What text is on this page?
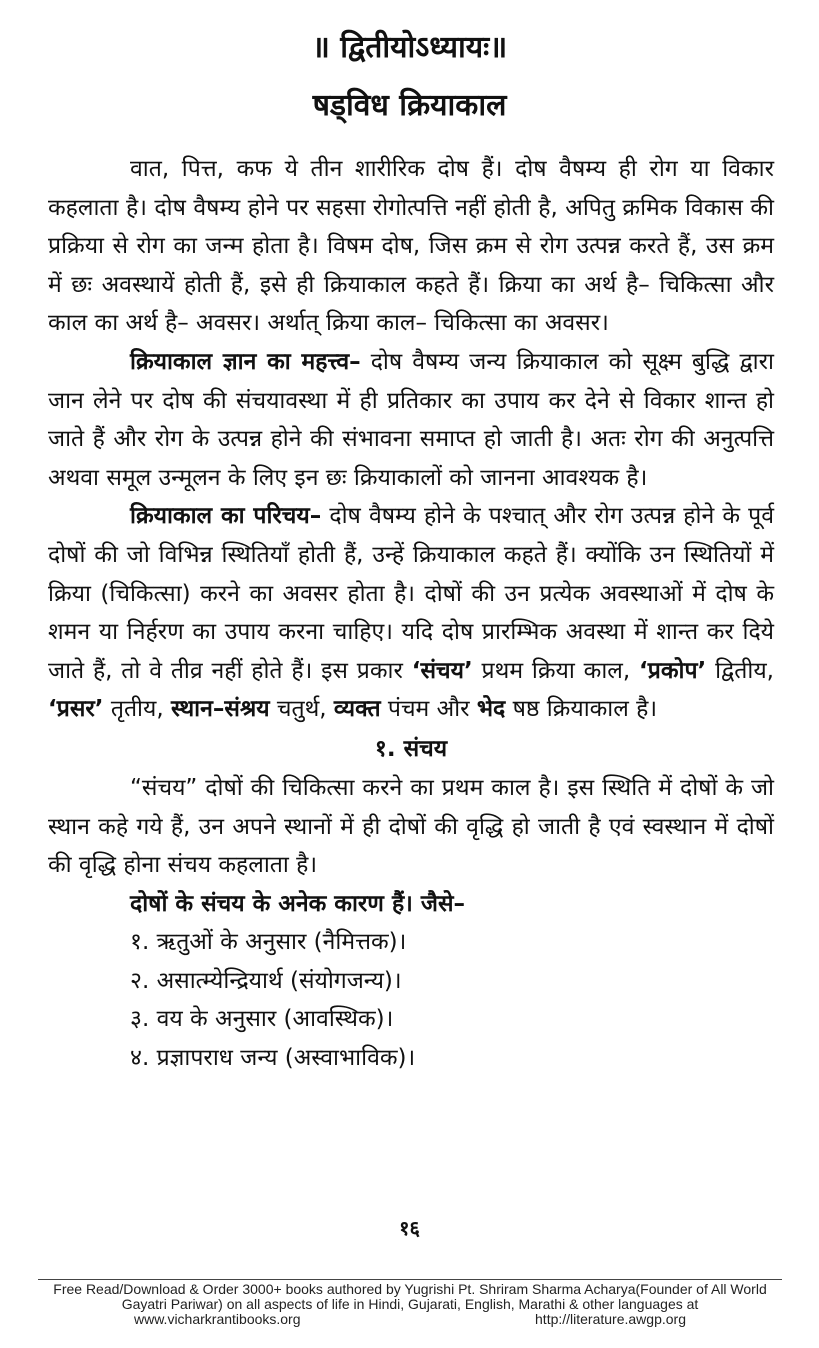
॥ द्वितीयोऽध्यायः॥
षड्विध क्रियाकाल

वात, पित्त, कफ ये तीन शारीरिक दोष हैं। दोष वैषम्य ही रोग या विकार कहलाता है। दोष वैषम्य होने पर सहसा रोगोत्पत्ति नहीं होती है, अपितु क्रमिक विकास की प्रक्रिया से रोग का जन्म होता है। विषम दोष, जिस क्रम से रोग उत्पन्न करते हैं, उस क्रम में छः अवस्थायें होती हैं, इसे ही क्रियाकाल कहते हैं। क्रिया का अर्थ है– चिकित्सा और काल का अर्थ है– अवसर। अर्थात् क्रिया काल– चिकित्सा का अवसर।

क्रियाकाल ज्ञान का महत्त्व– दोष वैषम्य जन्य क्रियाकाल को सूक्ष्म बुद्धि द्वारा जान लेने पर दोष की संचयावस्था में ही प्रतिकार का उपाय कर देने से विकार शान्त हो जाते हैं और रोग के उत्पन्न होने की संभावना समाप्त हो जाती है। अतः रोग की अनुत्पत्ति अथवा समूल उन्मूलन के लिए इन छः क्रियाकालों को जानना आवश्यक है।

क्रियाकाल का परिचय– दोष वैषम्य होने के पश्चात् और रोग उत्पन्न होने के पूर्व दोषों की जो विभिन्न स्थितियाँ होती हैं, उन्हें क्रियाकाल कहते हैं। क्योंकि उन स्थितियों में क्रिया (चिकित्सा) करने का अवसर होता है। दोषों की उन प्रत्येक अवस्थाओं में दोष के शमन या निर्हरण का उपाय करना चाहिए। यदि दोष प्रारम्भिक अवस्था में शान्त कर दिये जाते हैं, तो वे तीव्र नहीं होते हैं। इस प्रकार ‘संचय’ प्रथम क्रिया काल, ‘प्रकोप’ द्वितीय, ‘प्रसर’ तृतीय, स्थान–संश्रय चतुर्थ, व्यक्त पंचम और भेद षष्ठ क्रियाकाल है।

१. संचय

“संचय” दोषों की चिकित्सा करने का प्रथम काल है। इस स्थिति में दोषों के जो स्थान कहे गये हैं, उन अपने स्थानों में ही दोषों की वृद्धि हो जाती है एवं स्वस्थान में दोषों की वृद्धि होना संचय कहलाता है।

दोषों के संचय के अनेक कारण हैं। जैसे–
१. ऋतुओं के अनुसार (नैमित्तक)।
२. असात्म्येन्द्रियार्थ (संयोगजन्य)।
३. वय के अनुसार (आवस्थिक)।
४. प्रज्ञापराध जन्य (अस्वाभाविक)।
१६
Free Read/Download & Order 3000+ books authored by Yugrishi Pt. Shriram Sharma Acharya(Founder of All World Gayatri Pariwar) on all aspects of life in Hindi, Gujarati, English, Marathi & other languages at
www.vicharkrantibooks.org	http://literature.awgp.org
